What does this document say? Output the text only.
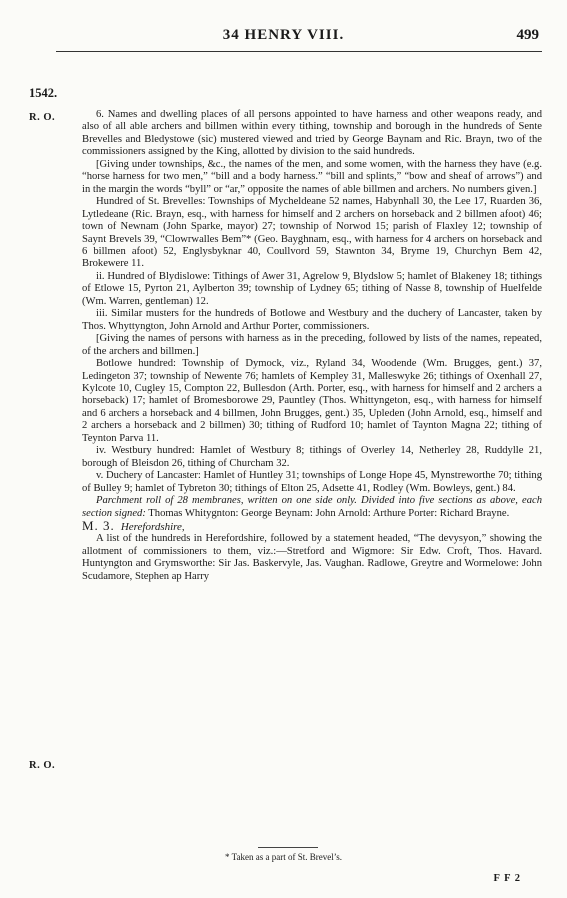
34 HENRY VIII.	499
1542.
R. O.
R. O.

6. Names and dwelling places of all persons appointed to have harness and other weapons ready, and also of all able archers and billmen within every tithing, township and borough in the hundreds of Sente Brevelles and Bledystowe (sic) mustered viewed and tried by George Baynam and Ric. Brayn, two of the commissioners assigned by the King, allotted by division to the said hundreds.

[Giving under townships, &c., the names of the men, and some women, with the harness they have (e.g. “horse harness for two men,” “bill and a body harness.” “bill and splints,” “bow and sheaf of arrows”) and in the margin the words “byll” or “ar,” opposite the names of able billmen and archers. No numbers given.]

Hundred of St. Brevelles: Townships of Mycheldeane 52 names, Habynhall 30, the Lee 17, Ruarden 36, Lytledeane (Ric. Brayn, esq., with harness for himself and 2 archers on horseback and 2 billmen afoot) 46; town of Newnam (John Sparke, mayor) 27; township of Norwod 15; parish of Flaxley 12; township of Saynt Brevels 39, “Clowrwalles Bem”* (Geo. Bayghnam, esq., with harness for 4 archers on horseback and 6 billmen afoot) 52, Englysbyknar 40, Coullvord 59, Stawnton 34, Bryme 19, Churchyn Bem 42, Brokewere 11.

ii. Hundred of Blydislowe: Tithings of Awer 31, Agrelow 9, Blydslow 5; hamlet of Blakeney 18; tithings of Etlowe 15, Pyrton 21, Aylberton 39; township of Lydney 65; tithing of Nasse 8, township of Huelfelde (Wm. Warren, gentleman) 12.

iii. Similar musters for the hundreds of Botlowe and Westbury and the duchery of Lancaster, taken by Thos. Whyttyngton, John Arnold and Arthur Porter, commissioners.

[Giving the names of persons with harness as in the preceding, followed by lists of the names, repeated, of the archers and billmen.]

Botlowe hundred: Township of Dymock, viz., Ryland 34, Woodende (Wm. Brugges, gent.) 37, Ledingeton 37; township of Newente 76; hamlets of Kempley 31, Malleswyke 26; tithings of Oxenhall 27, Kylcote 10, Cugley 15, Compton 22, Bullesdon (Arth. Porter, esq., with harness for himself and 2 archers a horseback) 17; hamlet of Bromesborowe 29, Pauntley (Thos. Whittyngeton, esq., with harness for himself and 6 archers a horseback and 4 billmen, John Brugges, gent.) 35, Upleden (John Arnold, esq., himself and 2 archers a horseback and 2 billmen) 30; tithing of Rudford 10; hamlet of Taynton Magna 22; tithing of Teynton Parva 11.

iv. Westbury hundred: Hamlet of Westbury 8; tithings of Overley 14, Netherley 28, Ruddylle 21, borough of Bleisdon 26, tithing of Churcham 32.

v. Duchery of Lancaster: Hamlet of Huntley 31; townships of Longe Hope 45, Mynstreworthe 70; tithing of Bulley 9; hamlet of Tybreton 30; tithings of Elton 25, Adsette 41, Rodley (Wm. Bowleys, gent.) 84.

Parchment roll of 28 membranes, written on one side only. Divided into five sections as above, each section signed: Thomas Whitygnton: George Beynam: John Arnold: Arthure Porter: Richard Brayne.

M. 3. Herefordshire,

A list of the hundreds in Herefordshire, followed by a statement headed, “The devysyon,” showing the allotment of commissioners to them, viz.:—Stretford and Wigmore: Sir Edw. Croft, Thos. Havard. Huntyngton and Grymsworthe: Sir Jas. Baskervyle, Jas. Vaughan. Radlowe, Greytre and Wormelowe: John Scudamore, Stephen ap Harry

* Taken as a part of St. Brevel’s.
F F 2
